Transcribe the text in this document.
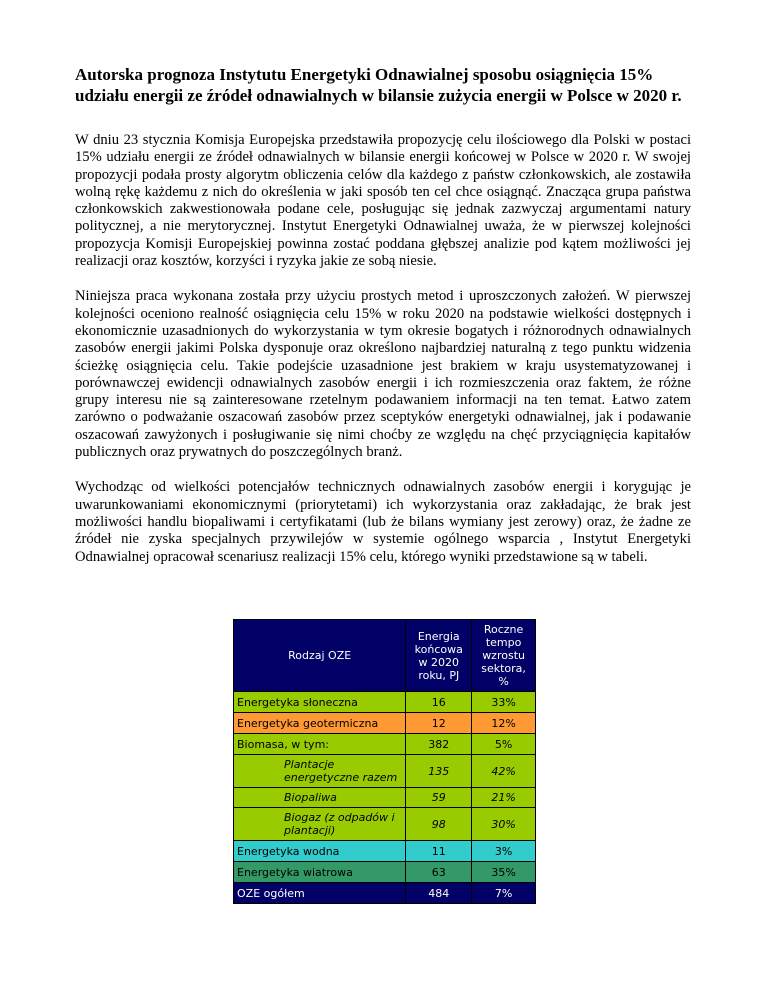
Autorska prognoza Instytutu Energetyki Odnawialnej sposobu osiągnięcia 15% udziału energii ze źródeł odnawialnych w bilansie zużycia energii w Polsce w 2020 r.

W dniu 23 stycznia Komisja Europejska przedstawiła propozycję celu ilościowego dla Polski w postaci 15% udziału energii ze źródeł odnawialnych w bilansie energii końcowej w Polsce w 2020 r. W swojej propozycji podała prosty algorytm obliczenia celów dla każdego z państw członkowskich, ale zostawiła wolną rękę każdemu z nich do określenia w jaki sposób ten cel chce osiągnąć. Znacząca grupa państwa członkowskich zakwestionowała podane cele, posługując się jednak zazwyczaj argumentami natury politycznej, a nie merytorycznej. Instytut Energetyki Odnawialnej uważa, że w pierwszej kolejności propozycja Komisji Europejskiej powinna zostać poddana głębszej analizie pod kątem możliwości jej realizacji oraz kosztów, korzyści i ryzyka jakie ze sobą niesie.

Niniejsza praca wykonana została przy użyciu prostych metod i uproszczonych założeń. W pierwszej kolejności oceniono realność osiągnięcia celu 15% w roku 2020 na podstawie wielkości dostępnych i ekonomicznie uzasadnionych do wykorzystania w tym okresie bogatych i różnorodnych odnawialnych zasobów energii jakimi Polska dysponuje oraz określono najbardziej naturalną z tego punktu widzenia ścieżkę osiągnięcia celu. Takie podejście uzasadnione jest brakiem w kraju usystematyzowanej i porównawczej ewidencji odnawialnych zasobów energii i ich rozmieszczenia oraz faktem, że różne grupy interesu nie są zainteresowane rzetelnym podawaniem informacji na ten temat. Łatwo zatem zarówno o podważanie oszacowań zasobów przez sceptyków energetyki odnawialnej, jak i podawanie oszacowań zawyżonych i posługiwanie się nimi choćby ze względu na chęć przyciągnięcia kapitałów publicznych oraz prywatnych do poszczególnych branż.

Wychodząc od wielkości potencjałów technicznych odnawialnych zasobów energii i korygując je uwarunkowaniami ekonomicznymi (priorytetami) ich wykorzystania oraz zakładając, że brak jest możliwości handlu biopaliwami i certyfikatami (lub że bilans wymiany jest zerowy) oraz, że żadne ze źródeł nie zyska specjalnych przywilejów w systemie ogólnego wsparcia , Instytut Energetyki Odnawialnej opracował scenariusz realizacji 15% celu, którego wyniki przedstawione są w tabeli.

Rodzaj OZE	Energia końcowa w 2020 roku, PJ	Roczne tempo wzrostu sektora, %
Energetyka słoneczna	16	33%
Energetyka geotermiczna	12	12%
Biomasa, w tym:	382	5%
Plantacje energetyczne razem	135	42%
Biopaliwa	59	21%
Biogaz (z odpadów i plantacji)	98	30%
Energetyka wodna	11	3%
Energetyka wiatrowa	63	35%
OZE ogółem	484	7%
